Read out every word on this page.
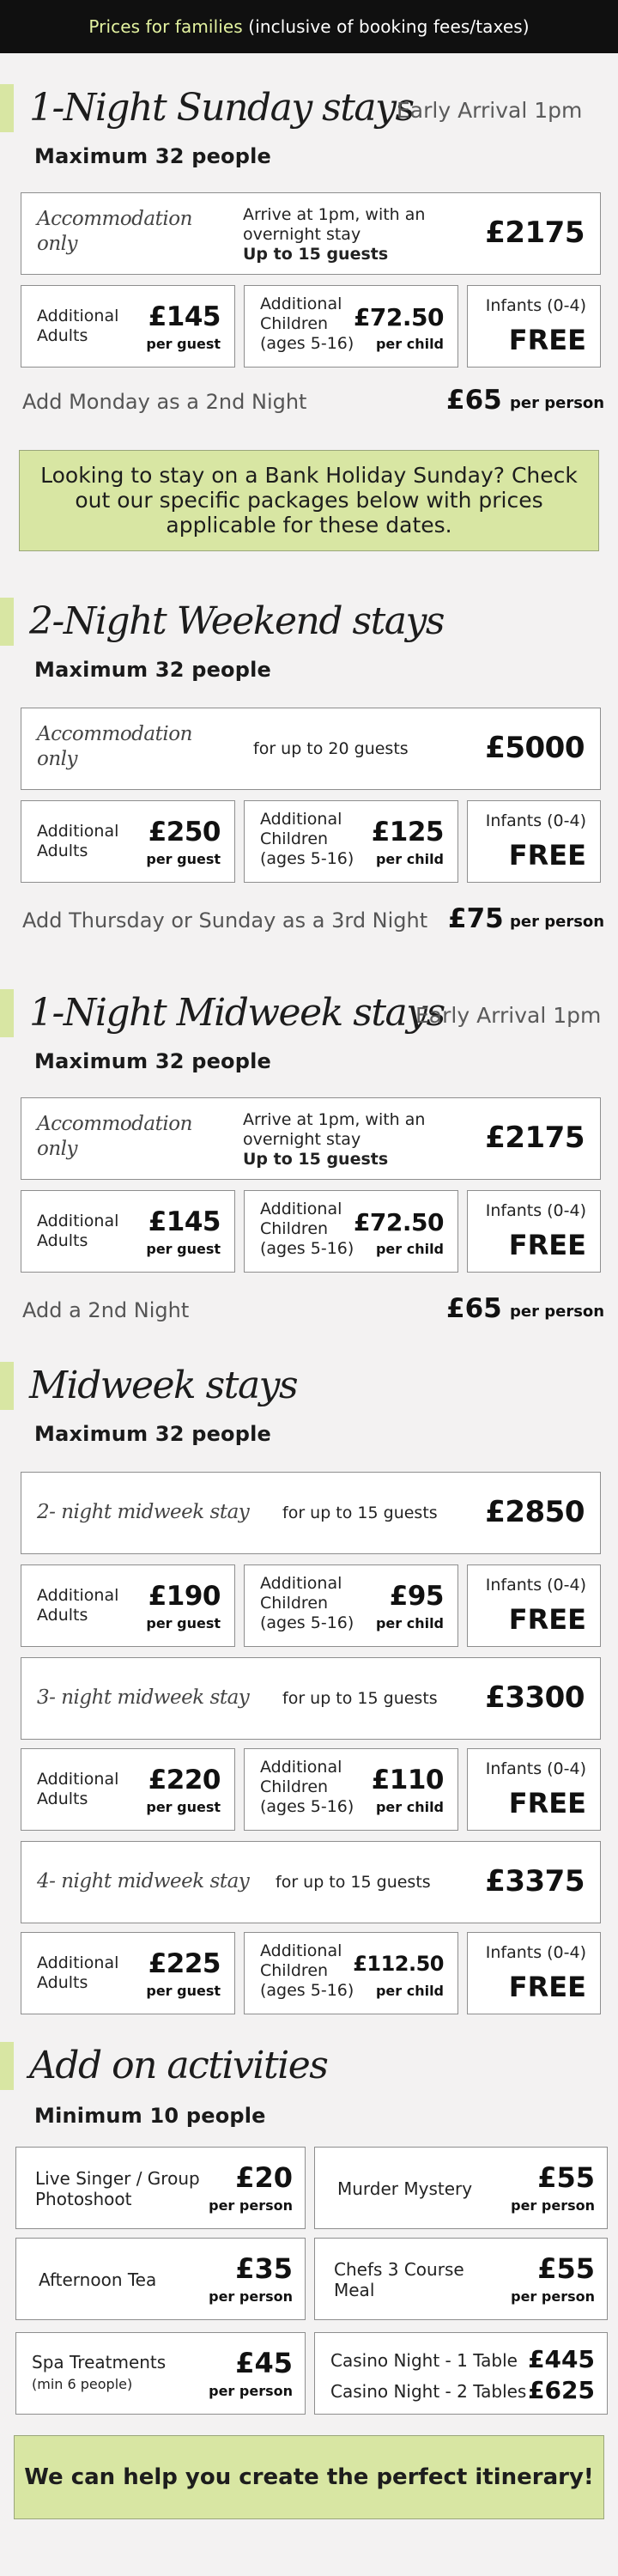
Prices for families (inclusive of booking fees/taxes)
1-Night Sunday stays
Early Arrival 1pm
Maximum 32 people
Accommodation only
Arrive at 1pm, with an overnight stay
Up to 15 guests
£2175
Additional Adults
£145
per guest
Additional Children (ages 5-16)
£72.50
per child
Infants (0-4)
FREE
Add Monday as a 2nd Night	£65 per person
Looking to stay on a Bank Holiday Sunday? Check out our specific packages below with prices applicable for these dates.
2-Night Weekend stays
Maximum 32 people
Accommodation only	for up to 20 guests	£5000
Additional Adults
£250
per guest
Additional Children (ages 5-16)
£125
per child
Infants (0-4)
FREE
Add Thursday or Sunday as a 3rd Night £75 per person
1-Night Midweek stays
Early Arrival 1pm
Maximum 32 people
Accommodation only
Arrive at 1pm, with an overnight stay
Up to 15 guests
£2175
Additional Adults
£145
per guest
Additional Children (ages 5-16)
£72.50
per child
Infants (0-4)
FREE
Add a 2nd Night	£65 per person
Midweek stays
Maximum 32 people
2- night midweek stay	for up to 15 guests £2850
Additional Adults
£190
per guest
Additional Children (ages 5-16)
£95
per child
Infants (0-4)
FREE
3- night midweek stay	for up to 15 guests £3300
Additional Adults
£220
per guest
Additional Children (ages 5-16)
£110
per child
Infants (0-4)
FREE
4- night midweek stay	for up to 15 guests £3375
Additional Adults
£225
per guest
Additional Children (ages 5-16)
£112.50
per child
Infants (0-4)
FREE
Add on activities
Minimum 10 people
Live Singer / Group Photoshoot
£20
per person
Murder Mystery £55
per person
Afternoon Tea	£35
per person
Chefs 3 Course Meal
£55
per person
Spa Treatments
(min 6 people)
£45
per person
Casino Night - 1 Table £445
Casino Night - 2 Tables £625
We can help you create the perfect itinerary!
